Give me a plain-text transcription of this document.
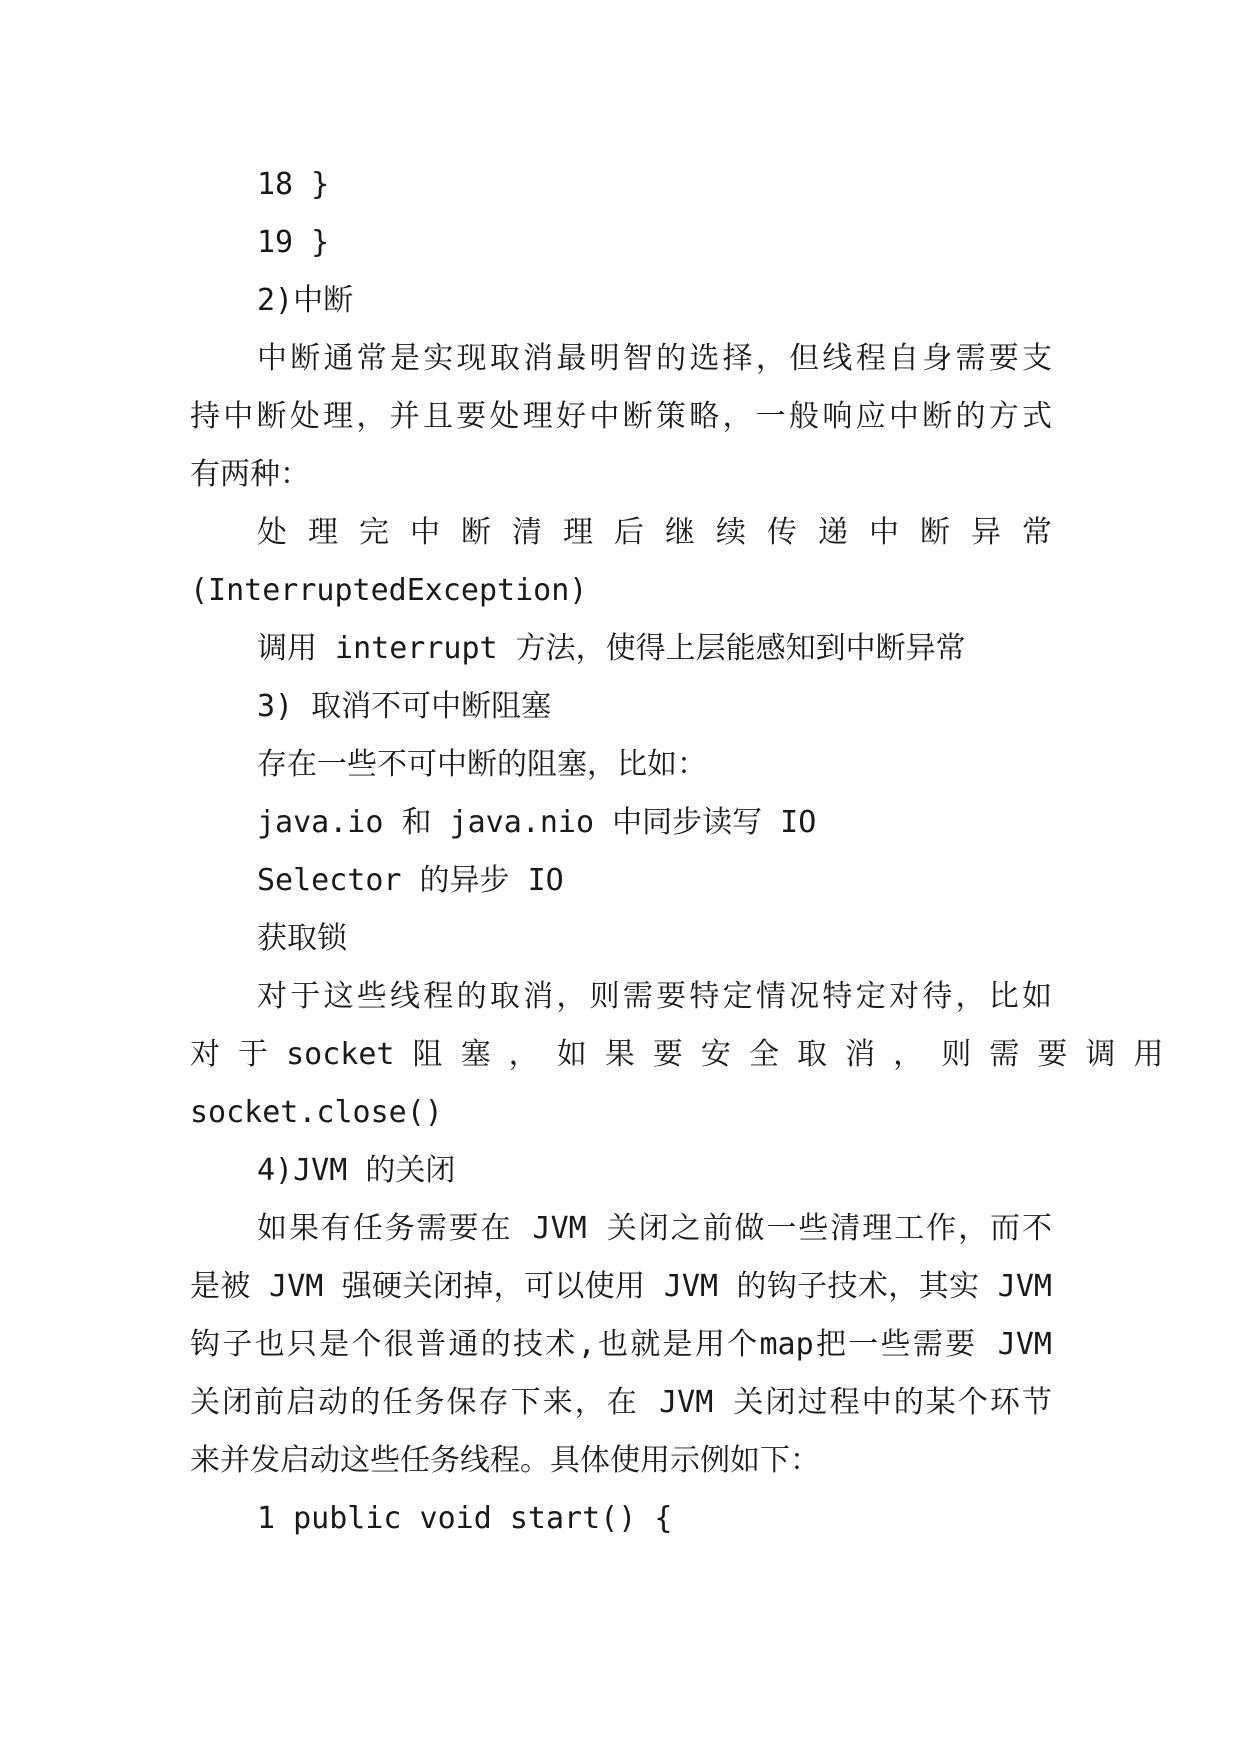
18 }
19 }
2)中断
中断通常是实现取消最明智的选择，但线程自身需要支
持中断处理，并且要处理好中断策略，一般响应中断的方式
有两种：
处 理 完 中 断 清 理 后 继 续 传 递 中 断 异 常
(InterruptedException)
调用 interrupt 方法，使得上层能感知到中断异常
3) 取消不可中断阻塞
存在一些不可中断的阻塞，比如：
java.io 和 java.nio 中同步读写 IO
Selector 的异步 IO
获取锁
对于这些线程的取消，则需要特定情况特定对待，比如
对 于 socket 阻 塞 ， 如 果 要 安 全 取 消 ， 则 需 要 调 用
socket.close()
4)JVM 的关闭
如果有任务需要在 JVM 关闭之前做一些清理工作，而不
是被 JVM 强硬关闭掉，可以使用 JVM 的钩子技术，其实 JVM
钩子也只是个很普通的技术,也就是用个map把一些需要 JVM
关闭前启动的任务保存下来，在 JVM 关闭过程中的某个环节
来并发启动这些任务线程。具体使用示例如下：
1 public void start() {
